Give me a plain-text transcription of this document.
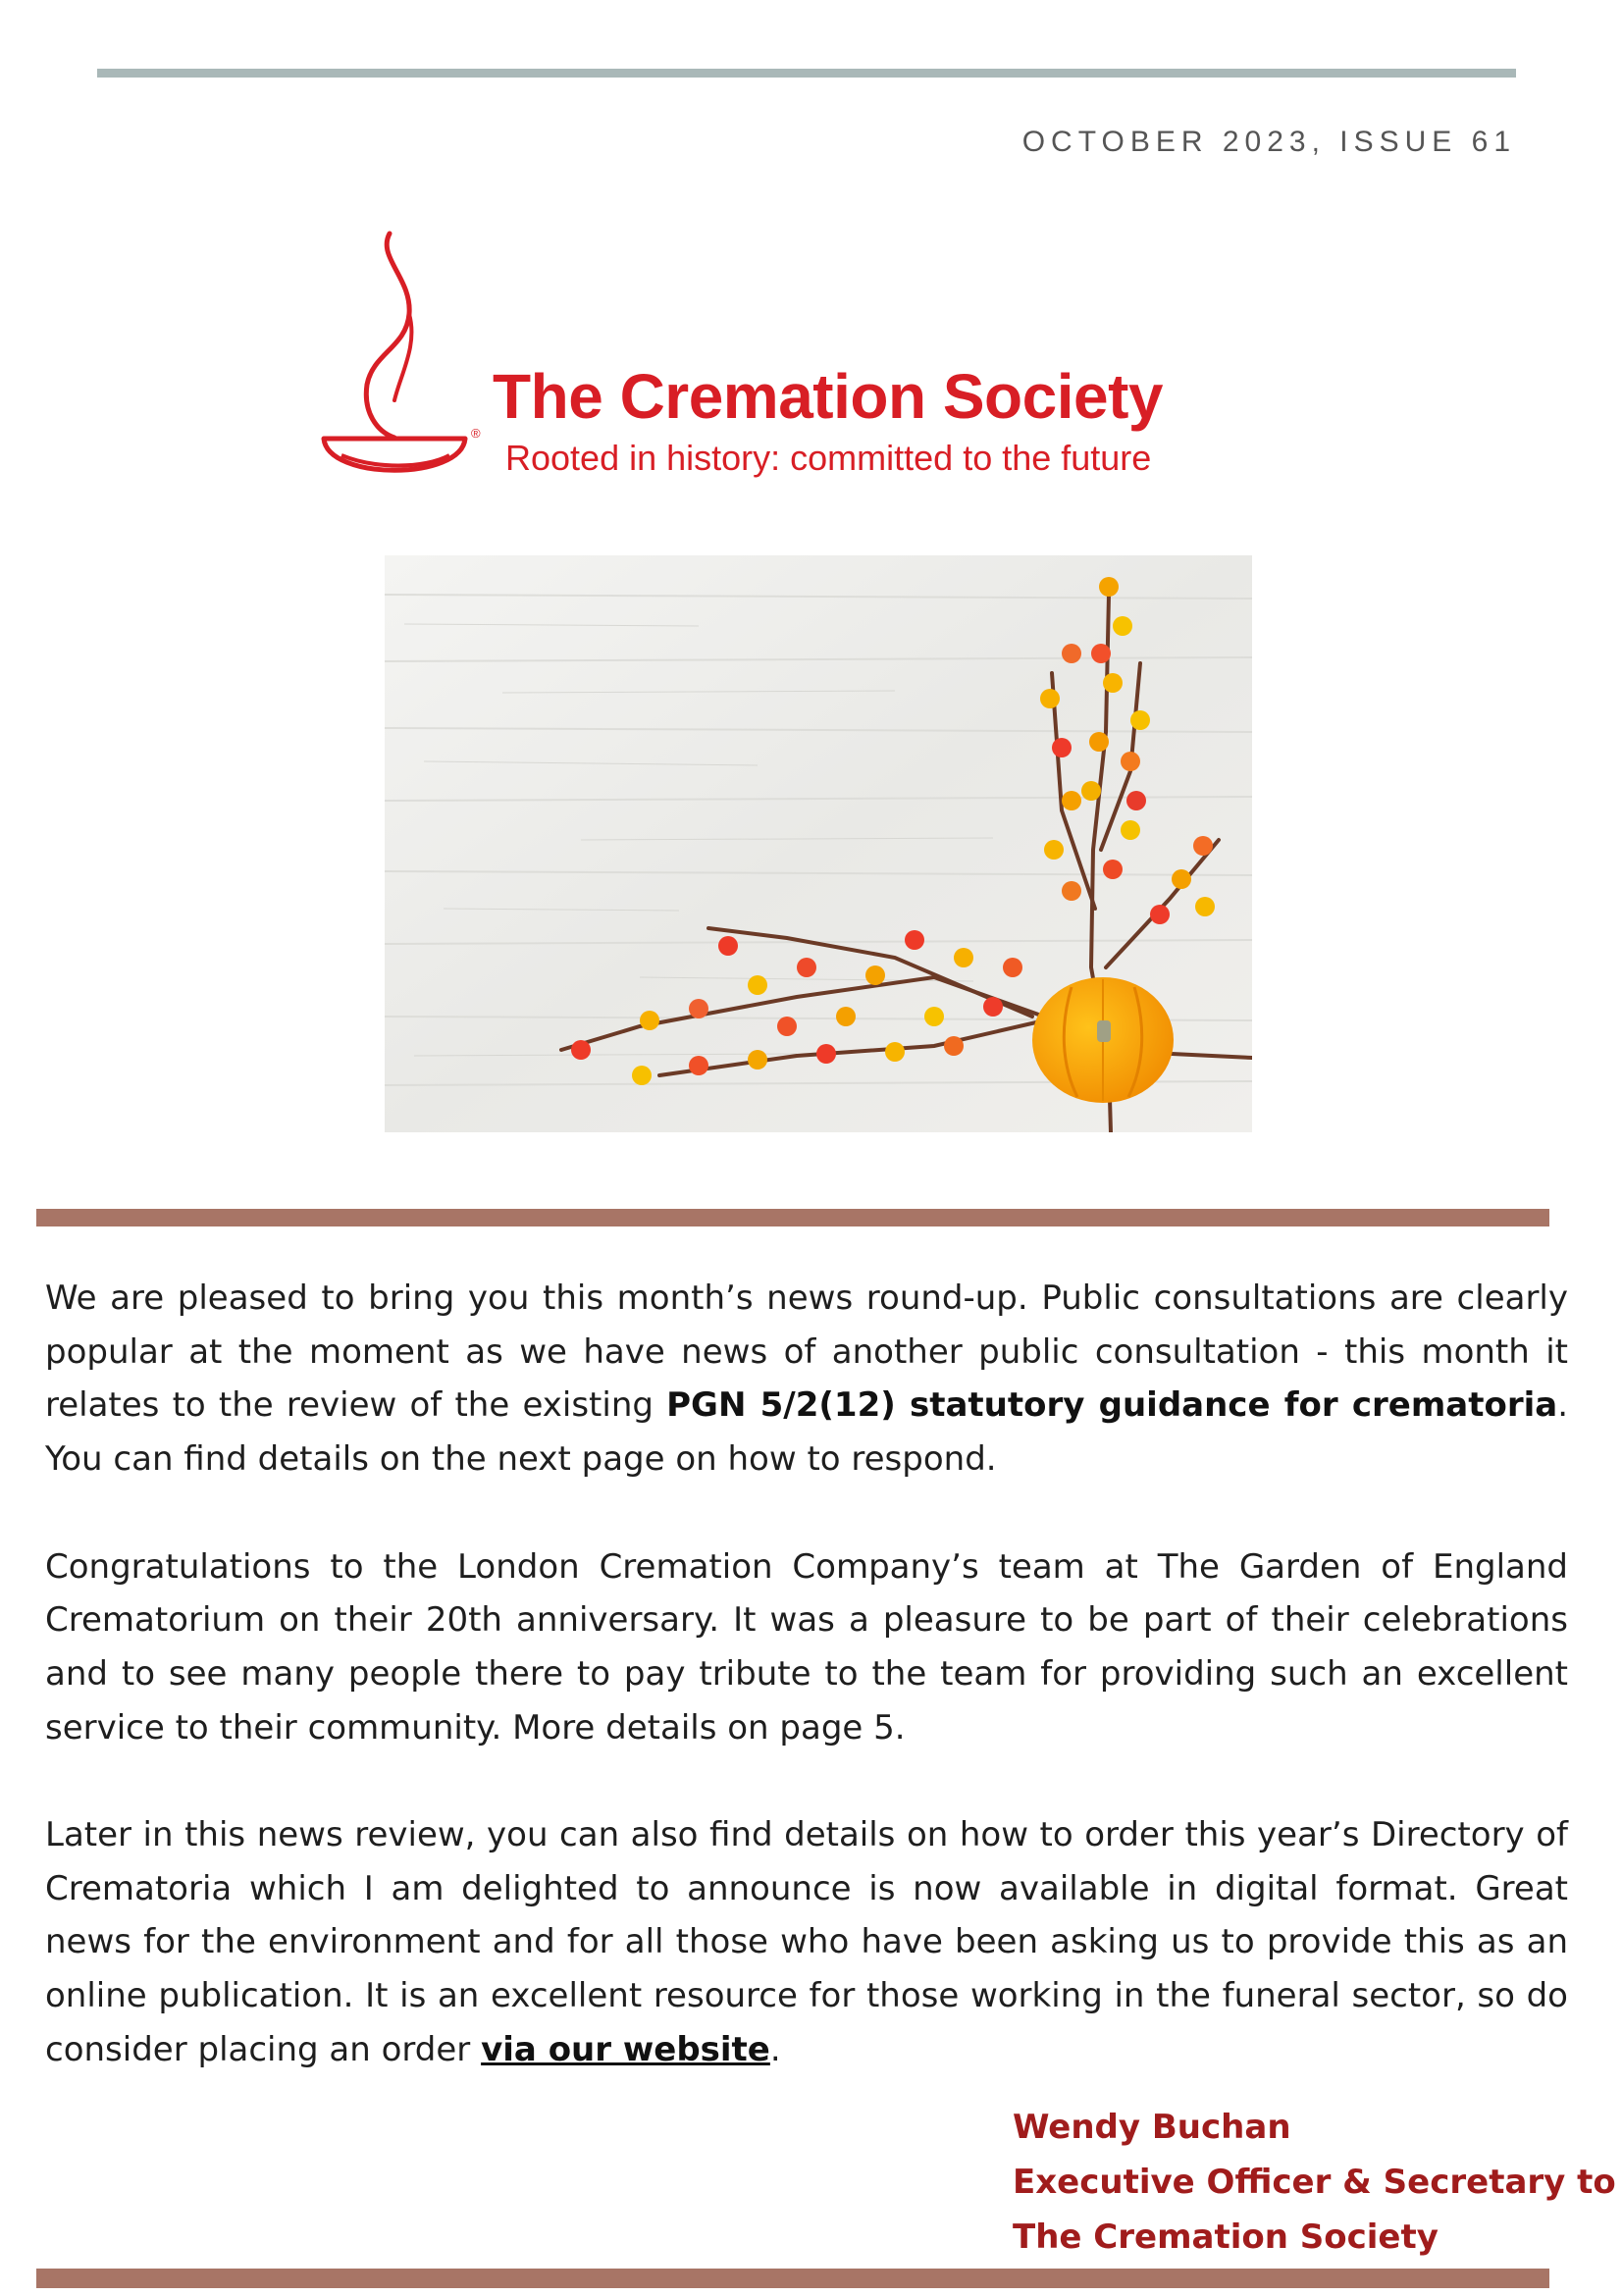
OCTOBER 2023, ISSUE 61
®
The Cremation Society
Rooted in history: committed to the future

We are pleased to bring you this month’s news round-up. Public consultations are clearly popular at the moment as we have news of another public consultation - this month it relates to the review of the existing PGN 5/2(12) statutory guidance for crematoria. You can find details on the next page on how to respond.

Congratulations to the London Cremation Company’s team at The Garden of England Crematorium on their 20th anniversary. It was a pleasure to be part of their celebrations and to see many people there to pay tribute to the team for providing such an excellent service to their community. More details on page 5.

Later in this news review, you can also find details on how to order this year’s Directory of Crematoria which I am delighted to announce is now available in digital format. Great news for the environment and for all those who have been asking us to provide this as an online publication. It is an excellent resource for those working in the funeral sector, so do consider placing an order via our website.

Wendy Buchan
Executive Officer & Secretary to
The Cremation Society
